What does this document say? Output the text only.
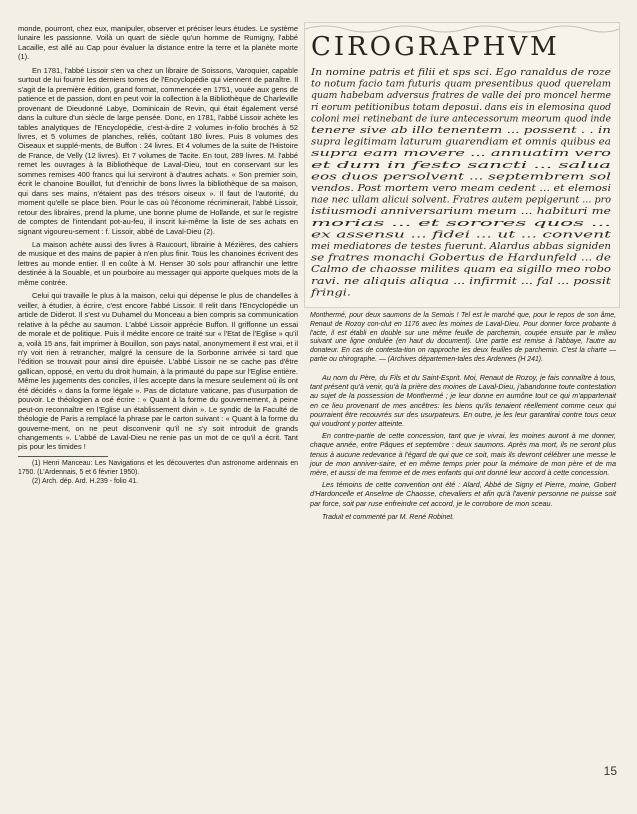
monde, pourront, chez eux, manipuler, observer et préciser leurs études. Le système lunaire les passionne. Voilà un quart de siècle qu'un homme de Rumigny, l'abbé Lacaille, est allé au Cap pour évaluer la distance entre la terre et la planète morte (1).

En 1781, l'abbé Lissoir s'en va chez un libraire de Soissons, Varoquier, capable surtout de lui fournir les derniers tomes de l'Encyclopédie qui viennent de paraître. Il s'agit de la première édition, grand format, commencée en 1751, vouée aux gens de patience et de passion, dont en peut voir la collection à la Bibliothèque de Charleville provenant de Dieudonné Labye, Dominicain de Revin, qui était également versé dans la culture d'un siècle de large pensée. Donc, en 1781, l'abbé Lissoir achète les tables analytiques de l'Encyclopédie, c'est-à-dire 2 volumes in-folio brochés à 52 livres, et 5 volumes de planches, reliés, coûtant 180 livres. Puis 8 volumes des Oiseaux et supplé-ments, de Buffon : 24 livres. Et 4 volumes de la suite de l'Histoire de France, de Velly (12 livres). Et 7 volumes de Tacite. En tout, 289 livres. M. l'abbé remet les ouvrages à la Bibliothèque de Laval-Dieu, tout en conservant sur les sommes remises 400 francs qui lui serviront à d'autres achats. « Son premier soin, écrit le chanoine Bouillot, fut d'enrichir de bons livres la bibliothèque de sa maison, qui dans ses mains, n'étaient pas des trésors oiseux ». Il faut de l'autorité, du moment qu'elle se place bien. Pour le cas où l'économe récriminerait, l'abbé Lissoir, retour des libraires, prend la plume, une bonne plume de Hollande, et sur le registre de comptes de l'intendant pot-au-feu, il inscrit lui-même la liste de ses achats en signant vigoureu-sement : f. Lissoir, abbé de Laval-Dieu (2).

La maison achète aussi des livres à Raucourt, librairie à Mézières, des cahiers de musique et des mains de papier à n'en plus finir. Tous les chanoines écrivent des lettres au monde entier. Il en coûte à M. Henser 30 sols pour affranchir une lettre destinée à la Souable, et un pourboire au messager qui apporte quelques mots de la même contrée.

Celui qui travaille le plus à la maison, celui qui dépense le plus de chandelles à veiller, à étudier, à écrire, c'est encore l'abbé Lissoir. Il relit dans l'Encyclopédie un article de Diderot. Il s'est vu Duhamel du Monceau a bien compris sa communication relative à la pêche au saumon. L'abbé Lissoir apprécie Buffon. Il griffonne un essai de morale et de politique. Puis il médite encore ce traité sur « l'Etat de l'Eglise » qu'il a, voilà 15 ans, fait imprimer à Bouillon, son pays natal, anonymement il est vrai, et il n'y voit rien à retrancher, malgré la censure de la Sorbonne arrivée si tard que l'édition se trouvait pour ainsi dire épuisée. L'abbé Lissoir ne se cache pas d'être gallican, opposé, en vertu du droit humain, à la primauté du pape sur l'Eglise entière. Même les jugements des conciles, il les accepte dans la mesure seulement où ils ont été décidés « dans la forme légale ». Pas de dictature vaticane, pas d'usurpation de pouvoir. Le théologien a osé écrire : « Quant à la forme du gouvernement, à peine peut-on reconnaître en l'Eglise un établissement divin ». Le syndic de la Faculté de théologie de Paris a remplacé la phrase par le carton suivant : « Quant à la forme du gouverne-ment, on ne peut disconvenir qu'il ne s'y soit introduit de grands changements ». L'abbé de Laval-Dieu ne renie pas un mot de ce qu'il a écrit. Tant pis pour les timides !

(1) Henri Manceau: Les Navigations et les découvertes d'un astronome ardennais en 1750. (L'Ardennais, 5 et 6 février 1950).
(2) Arch. dép. Ard. H.239 - folio 41.
CIROGRAPHVM
In nomine patris et filii et sps sci. Ego ranaldus de roze
to notum facio tam futuris quam presentibus quod querelam
quam habebam adversus fratres de valle dei pro moncel herme
ri eorum petitionibus totam deposui. dans eis in elemosina quod
coloni mei retinebant de iure antecessorum meorum quod inde
tenere sive ab illo tenentem ... possent . . in
supra legitimam laturum guarendiam et omnis quibus ea
supra eam movere ... annuatim vero
et dum in festo sancti ... salua
eos duos persolvent ... septembrem sol
vendos. Post mortem vero meam cedent ... et elemosi
nae nec ullam alicui solvent. Fratres autem pepigerunt ... pro
istiusmodi anniversarium meum ... habituri me
morias ... et sorores quos ...
ex assensu ... fidei ... ut ... convent
mei mediatores de testes fuerunt. Alardus abbas signiden
se fratres monachi Gobertus de Hardunfeld ... de
Calmo de chaosse milites quam ea sigillo meo robo
ravi. ne aliquis aliqua ... infirmit ... fal ... possit
fringi.
Monthermé, pour deux saumons de la Semois ! Tel est le marché que, pour le repos de son âme, Renaut de Rozoy con-clut en 1176 avec les moines de Laval-Dieu. Pour donner force probante à l'acte, il est établi en double sur une même feuille de parchemin, coupée ensuite par le milieu suivant une ligne ondulée (en haut du document). Une partie est remise à l'abbaye, l'autre au donateur. En cas de contesta-tion on rapproche les deux feuilles de parchemin. C'est la charte — partie ou chirographe. — (Archives départemen-tales des Ardennes (H 241).

Au nom du Père, du Fils et du Saint-Esprit. Moi, Renaut de Rozoy, je fais connaître à tous, tant présent qu'à venir, qu'à la prière des moines de Laval-Dieu, j'abandonne toute contestation au sujet de la possession de Monthermé ; je leur donne en aumône tout ce qui m'appartenait en ce lieu provenant de mes ancêtres: les biens qu'ils tenaient réellement comme ceux qui pourraient être recouvrés sur des usurpateurs. En outre, je les leur garantirai contre tous ceux qui voudront y porter atteinte.

En contre-partie de cette concession, tant que je vivrai, les moines auront à me donner, chaque année, entre Pâques et septembre : deux saumons. Après ma mort, ils ne seront plus tenus à aucune redevance à l'égard de qui que ce soit, mais ils devront célébrer une messe le jour de mon anniver-saire, et en même temps prier pour la mémoire de mon père et de ma mère, et aussi de ma femme et de mes enfants qui ont donné leur accord à cette concession.

Les témoins de cette convention ont été : Alard, Abbé de Signy et Pierre, moine, Gobert d'Hardoncelle et Anselme de Chaosse, chevaliers et afin qu'à l'avenir personne ne puisse soit par force, soit par ruse enfreindre cet accord, je le corrobore de mon sceau.

Traduit et commenté par M. René Robinet.
15
